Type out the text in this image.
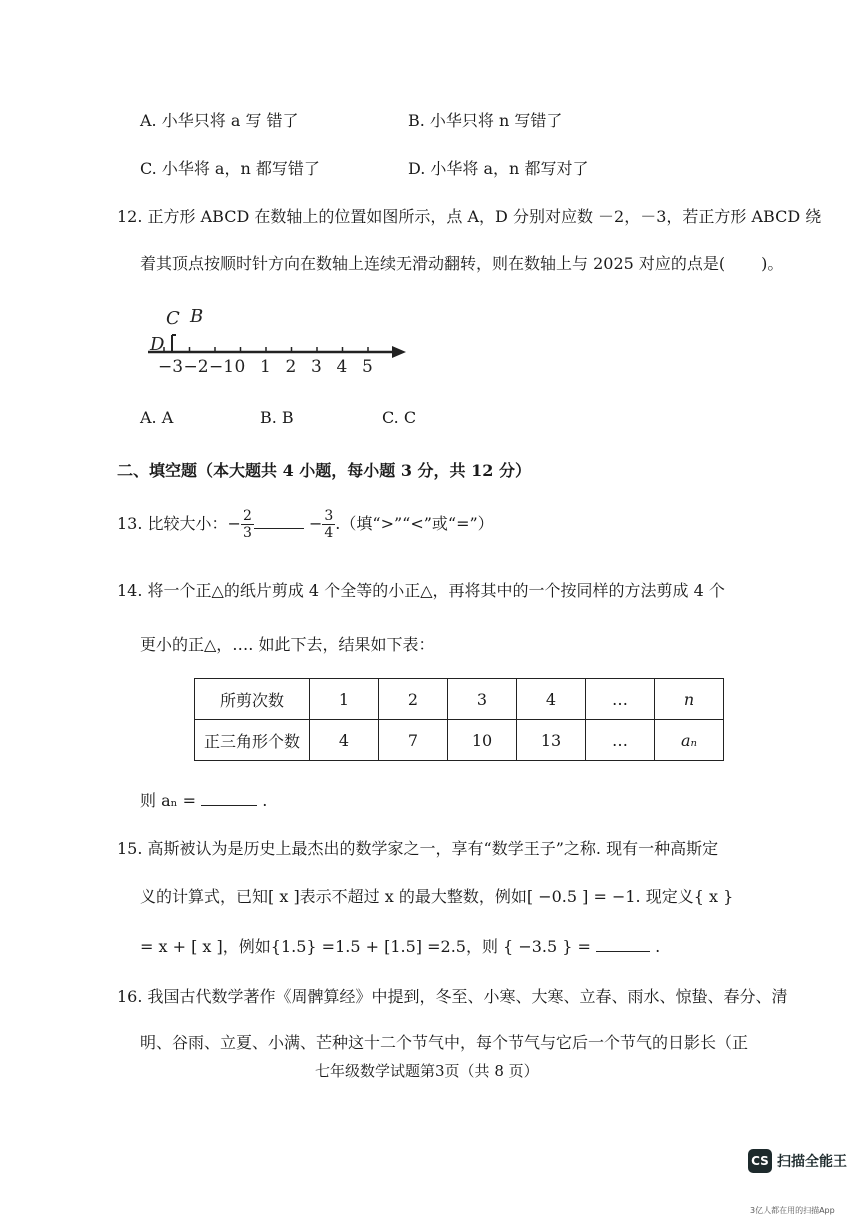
A. 小华只将 a 写 错了	B. 小华只将 n 写错了
C. 小华将 a，n 都写错了	D. 小华将 a，n 都写对了
12. 正方形 ABCD 在数轴上的位置如图所示，点 A，D 分别对应数 －2，－3，若正方形 ABCD 绕
着其顶点按顺时针方向在数轴上连续无滑动翻转，则在数轴上与 2025 对应的点是( )。
C B
D
−3 −2 −1 0 1 2 3 4 5
A. A	B. B	C. C
二、填空题（本大题共 4 小题，每小题 3 分，共 12 分）
13. 比较大小：− $\frac{2}{3}$	− $\frac{3}{4}$ .（填“>”“<”或“=”）
14. 将一个正△的纸片剪成 4 个全等的小正△，再将其中的一个按同样的方法剪成 4 个
更小的正△，…. 如此下去，结果如下表：
所剪次数	1	2	3	4	…	n
正三角形个数	4	7	10	13	…	aₙ
则 aₙ =	.
15. 高斯被认为是历史上最杰出的数学家之一，享有“数学王子”之称. 现有一种高斯定
义的计算式，已知[ x ]表示不超过 x 的最大整数，例如[ −0.5 ] = −1. 现定义{ x }
= x + [ x ]，例如{1.5} =1.5 + [1.5] =2.5，则 { −3.5 } =	.
16. 我国古代数学著作《周髀算经》中提到，冬至、小寒、大寒、立春、雨水、惊蛰、春分、清
明、谷雨、立夏、小满、芒种这十二个节气中，每个节气与它后一个节气的日影长（正
七年级数学试题第3页（共 8 页）
CS 扫描全能王
3亿人都在用的扫描App
